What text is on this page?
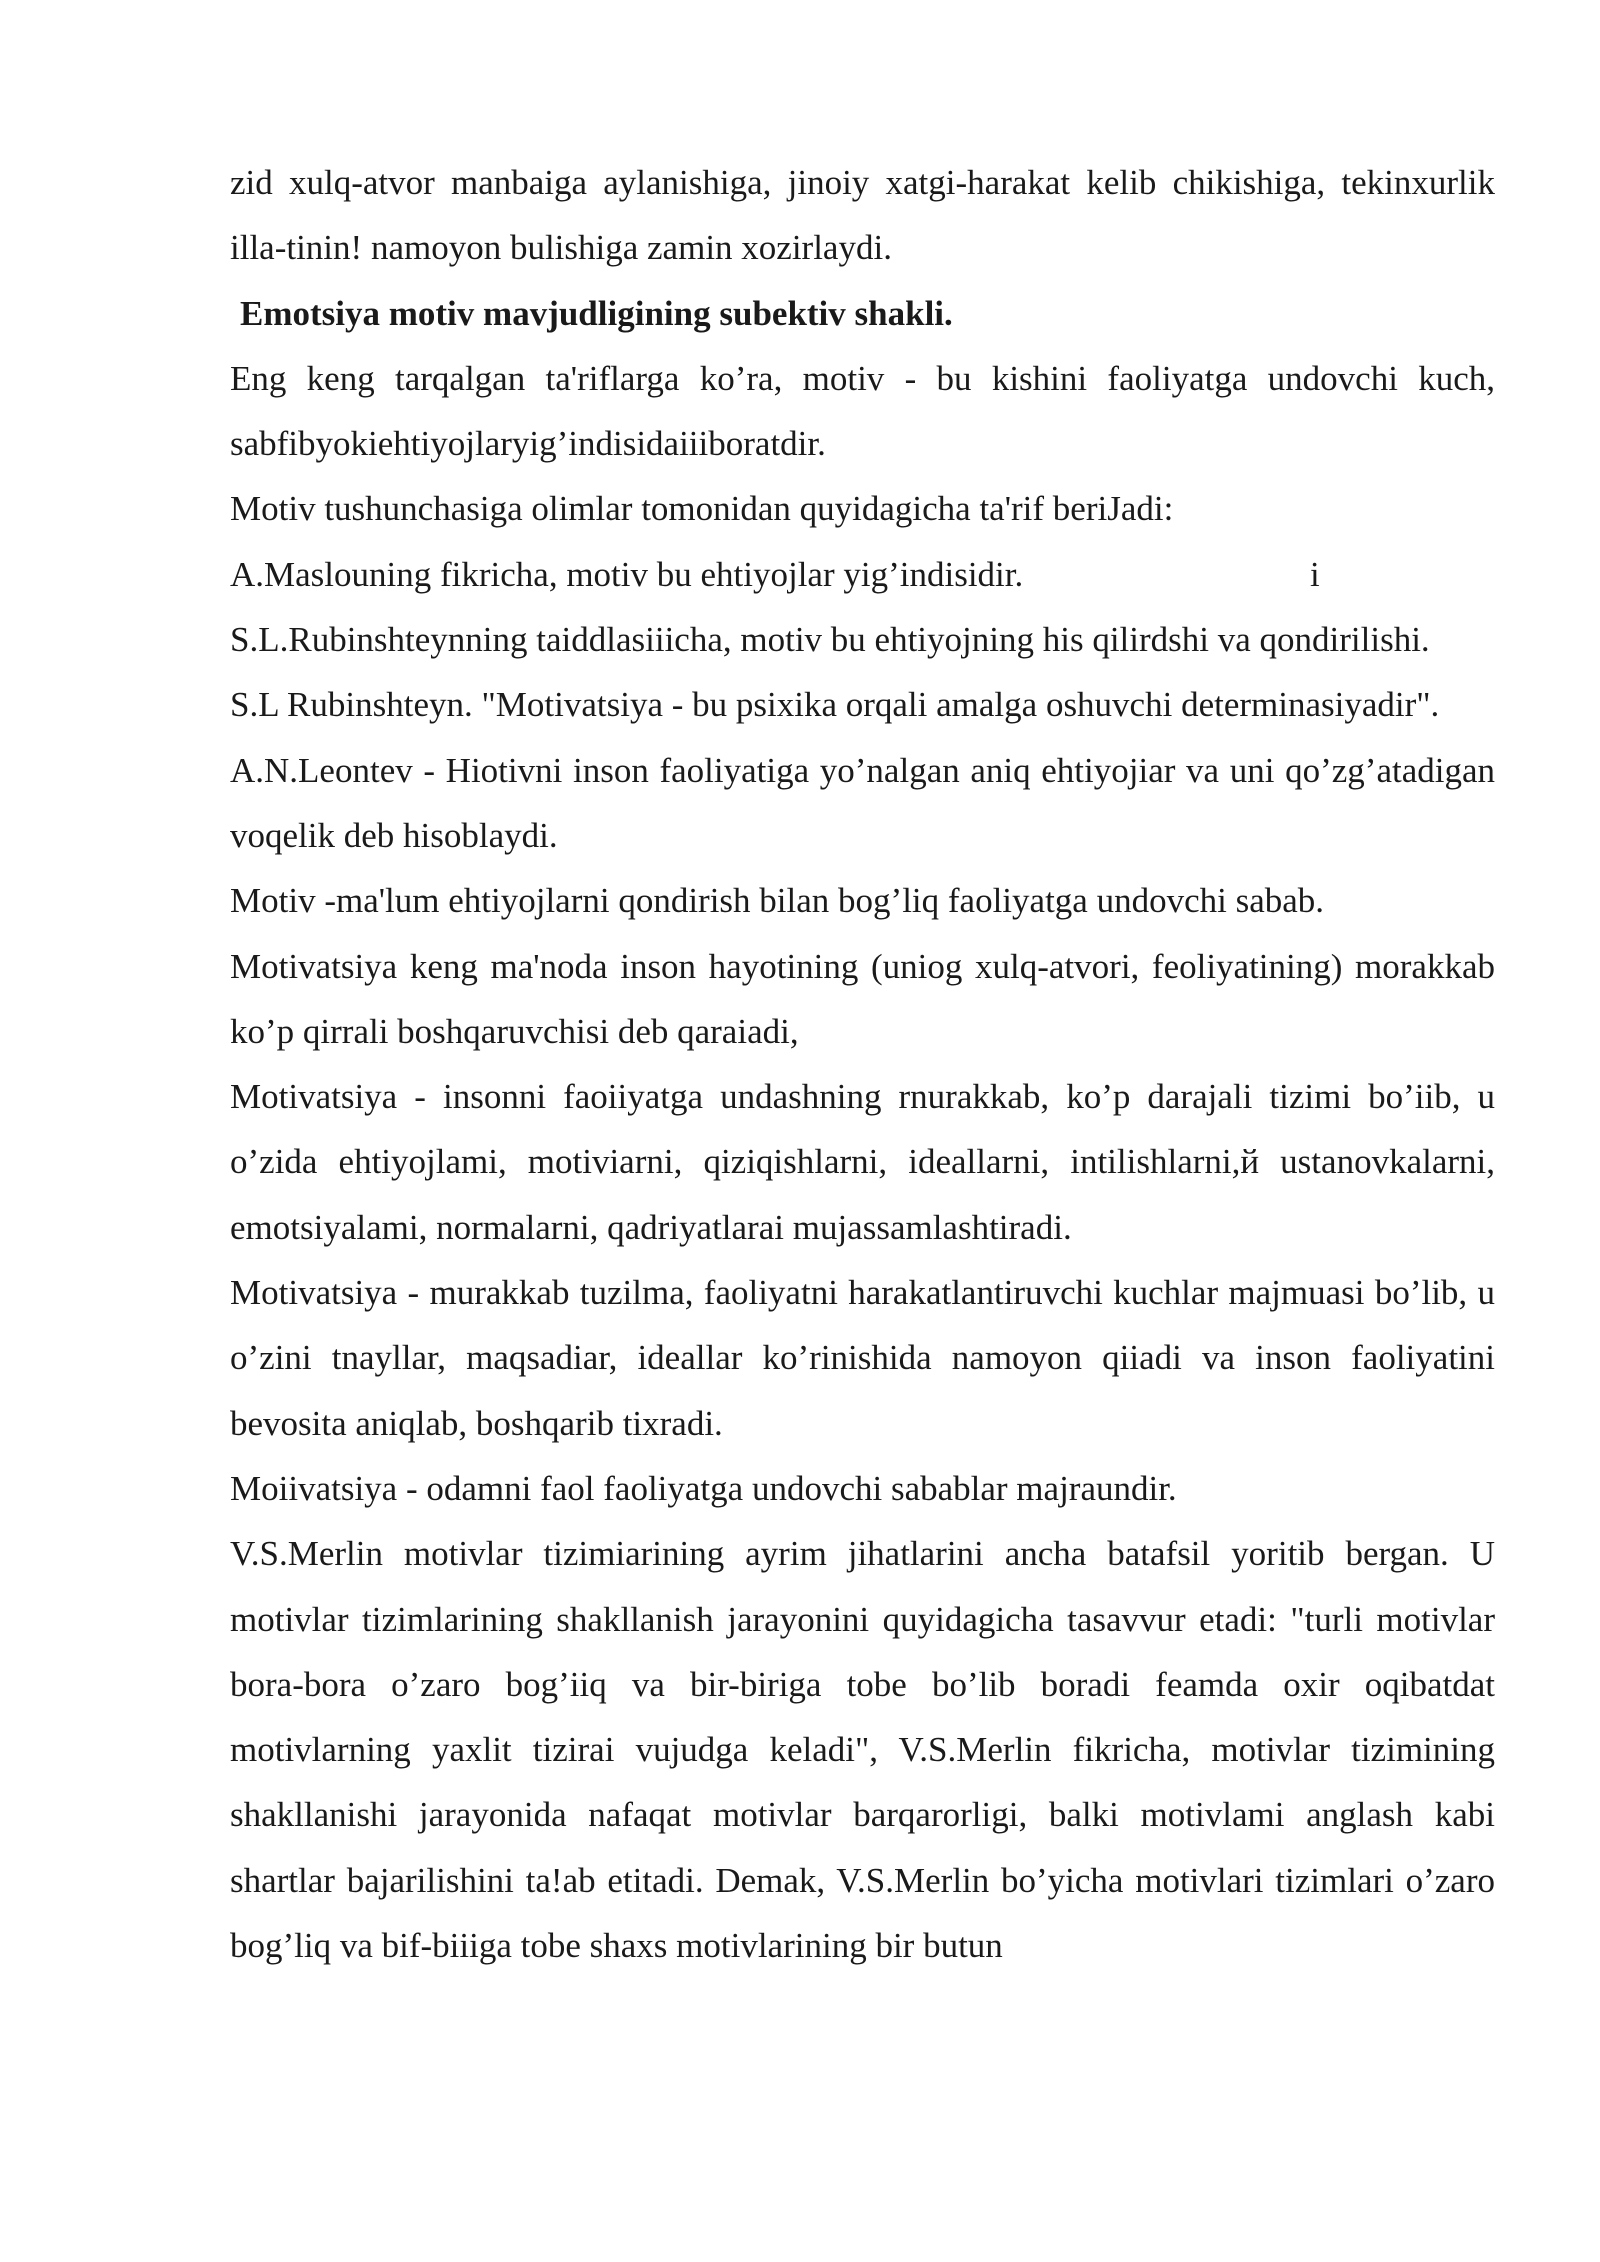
zid xulq-atvor manbaiga aylanishiga, jinoiy xatgi-harakat kelib chikishiga, tekinxurlik illa-tinin! namoyon bulishiga zamin xozirlaydi.

Emotsiya motiv mavjudligining subektiv shakli.

Eng keng tarqalgan ta'riflarga ko’ra, motiv - bu kishini faoliyatga undovchi kuch, sabfibyokiehtiyojlaryig’indisidaiiiboratdir.

Motiv tushunchasiga olimlar tomonidan quyidagicha ta'rif beriJadi:

A.Maslouning fikricha, motiv bu ehtiyojlar yig’indisidir.	i

S.L.Rubinshteynning taiddlasiiicha, motiv bu ehtiyojning his qilirdshi va qondirilishi.

S.L Rubinshteyn. "Motivatsiya - bu psixika orqali amalga oshuvchi determinasiyadir".

A.N.Leontev - Hiotivni inson faoliyatiga yo’nalgan aniq ehtiyojiar va uni qo’zg’atadigan voqelik deb hisoblaydi.

Motiv -ma'lum ehtiyojlarni qondirish bilan bog’liq faoliyatga undovchi sabab.

Motivatsiya keng ma'noda inson hayotining (uniog xulq-atvori, feoliyatining) morakkab ko’p qirrali boshqaruvchisi deb qaraiadi,

Motivatsiya - insonni faoiiyatga undashning rnurakkab, ko’p darajali tizimi bo’iib, u o’zida ehtiyojlami, motiviarni, qiziqishlarni, ideallarni, intilishlarni,й ustanovkalarni, emotsiyalami, normalarni, qadriyatlarai mujassamlashtiradi.

Motivatsiya - murakkab tuzilma, faoliyatni harakatlantiruvchi kuchlar majmuasi bo’lib, u o’zini tnayllar, maqsadiar, ideallar ko’rinishida namoyon qiiadi va inson faoliyatini bevosita aniqlab, boshqarib tixradi.

Moiivatsiya - odamni faol faoliyatga undovchi sabablar majraundir.

V.S.Merlin motivlar tizimiarining ayrim jihatlarini ancha batafsil yoritib bergan. U motivlar tizimlarining shakllanish jarayonini quyidagicha tasavvur etadi: "turli motivlar bora-bora o’zaro bog’iiq va bir-biriga tobe bo’lib boradi feamda oxir oqibatdat motivlarning yaxlit tizirai vujudga keladi", V.S.Merlin fikricha, motivlar tizimining shakllanishi jarayonida nafaqat motivlar barqarorligi, balki motivlami anglash kabi shartlar bajarilishini ta!ab etitadi. Demak, V.S.Merlin bo’yicha motivlari tizimlari o’zaro bog’liq va bif-biiiga tobe shaxs motivlarining bir butun
